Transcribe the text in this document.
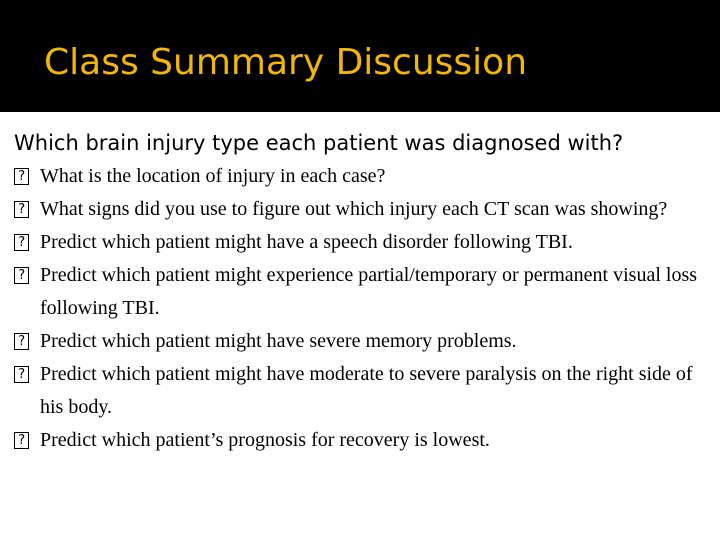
Class Summary Discussion
Which brain injury type each patient was diagnosed with?
? What is the location of injury in each case?
? What signs did you use to figure out which injury each CT scan was showing?
? Predict which patient might have a speech disorder following TBI.
? Predict which patient might experience partial/temporary or permanent visual loss following TBI.
? Predict which patient might have severe memory problems.
? Predict which patient might have moderate to severe paralysis on the right side of his body.
? Predict which patient’s prognosis for recovery is lowest.
